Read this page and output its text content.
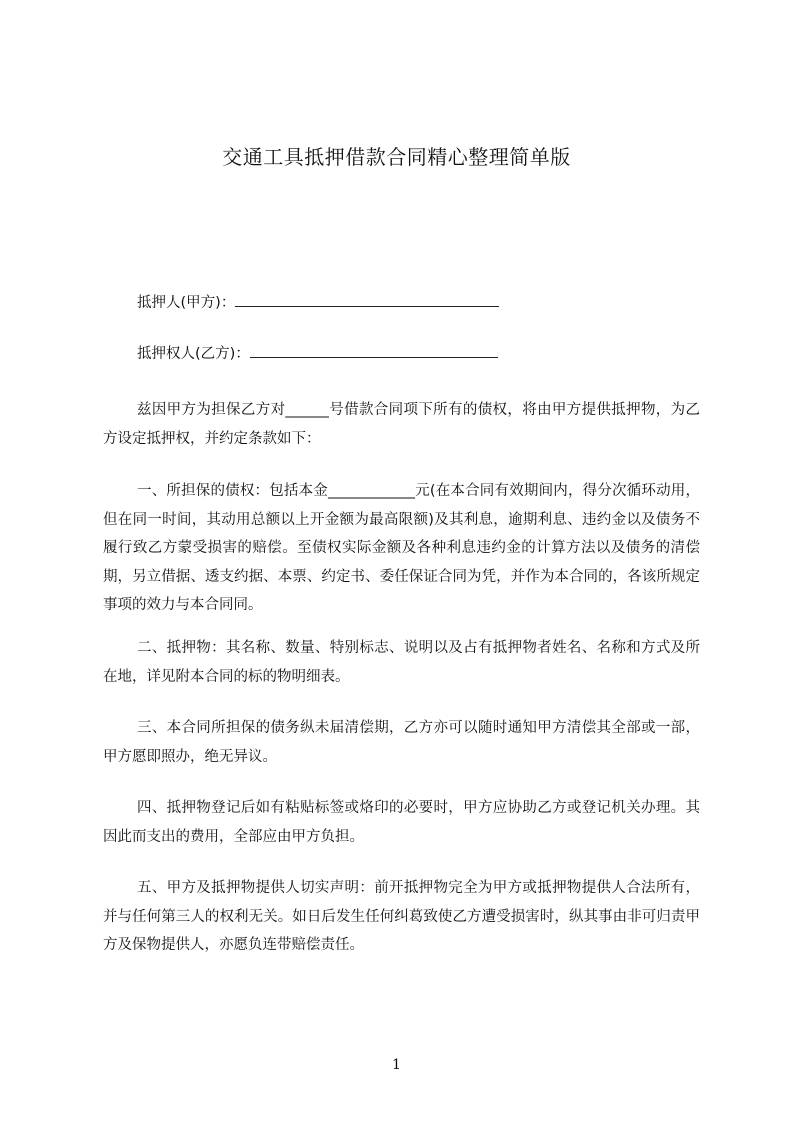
交通工具抵押借款合同精心整理简单版
抵押人(甲方)：
抵押权人(乙方)：

兹因甲方为担保乙方对______号借款合同项下所有的债权，将由甲方提供抵押物，为乙方设定抵押权，并约定条款如下：

一、所担保的债权：包括本金____________元(在本合同有效期间内，得分次循环动用，但在同一时间，其动用总额以上开金额为最高限额)及其利息，逾期利息、违约金以及债务不履行致乙方蒙受损害的赔偿。至债权实际金额及各种利息违约金的计算方法以及债务的清偿期，另立借据、透支约据、本票、约定书、委任保证合同为凭，并作为本合同的，各该所规定事项的效力与本合同同。

二、抵押物：其名称、数量、特别标志、说明以及占有抵押物者姓名、名称和方式及所在地，详见附本合同的标的物明细表。

三、本合同所担保的债务纵未届清偿期，乙方亦可以随时通知甲方清偿其全部或一部，甲方愿即照办，绝无异议。

四、抵押物登记后如有粘贴标签或烙印的必要时，甲方应协助乙方或登记机关办理。其因此而支出的费用，全部应由甲方负担。

五、甲方及抵押物提供人切实声明：前开抵押物完全为甲方或抵押物提供人合法所有，并与任何第三人的权利无关。如日后发生任何纠葛致使乙方遭受损害时，纵其事由非可归责甲方及保物提供人，亦愿负连带赔偿责任。

1
